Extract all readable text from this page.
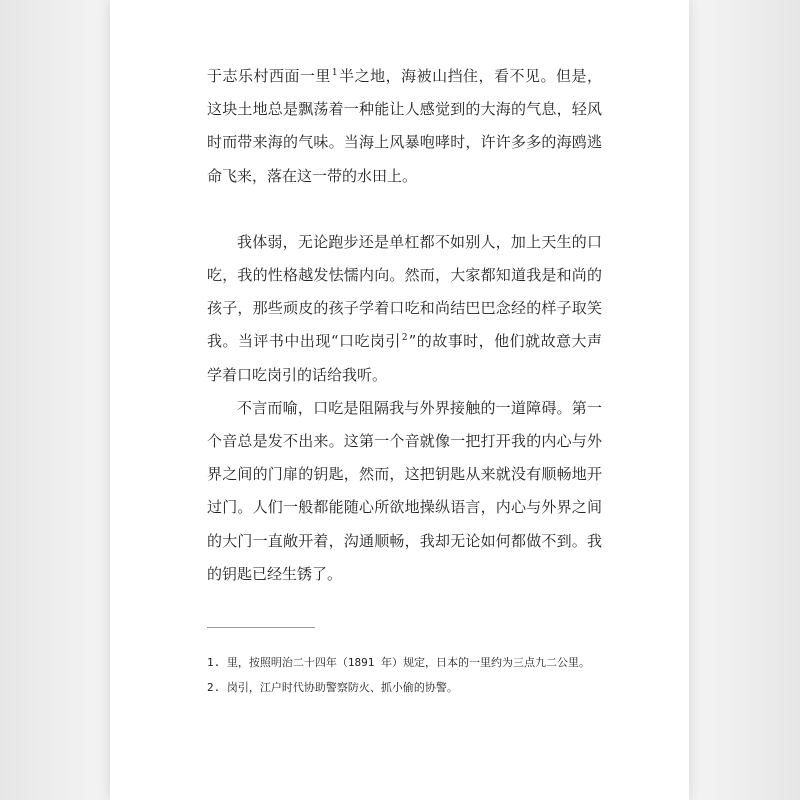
于志乐村西面一里$^1$半之地，海被山挡住，看不见。但是，这块土地总是飘荡着一种能让人感觉到的大海的气息，轻风时而带来海的气味。当海上风暴咆哮时，许许多多的海鸥逃命飞来，落在这一带的水田上。

我体弱，无论跑步还是单杠都不如别人，加上天生的口吃，我的性格越发怯懦内向。然而，大家都知道我是和尚的孩子，那些顽皮的孩子学着口吃和尚结巴巴念经的样子取笑我。当评书中出现“口吃岗引$^2$”的故事时，他们就故意大声学着口吃岗引的话给我听。

不言而喻，口吃是阻隔我与外界接触的一道障碍。第一个音总是发不出来。这第一个音就像一把打开我的内心与外界之间的门扉的钥匙，然而，这把钥匙从来就没有顺畅地开过门。人们一般都能随心所欲地操纵语言，内心与外界之间的大门一直敞开着，沟通顺畅，我却无论如何都做不到。我的钥匙已经生锈了。

1. 里，按照明治二十四年（1891 年）规定，日本的一里约为三点九二公里。

2. 岗引，江户时代协助警察防火、抓小偷的协警。
